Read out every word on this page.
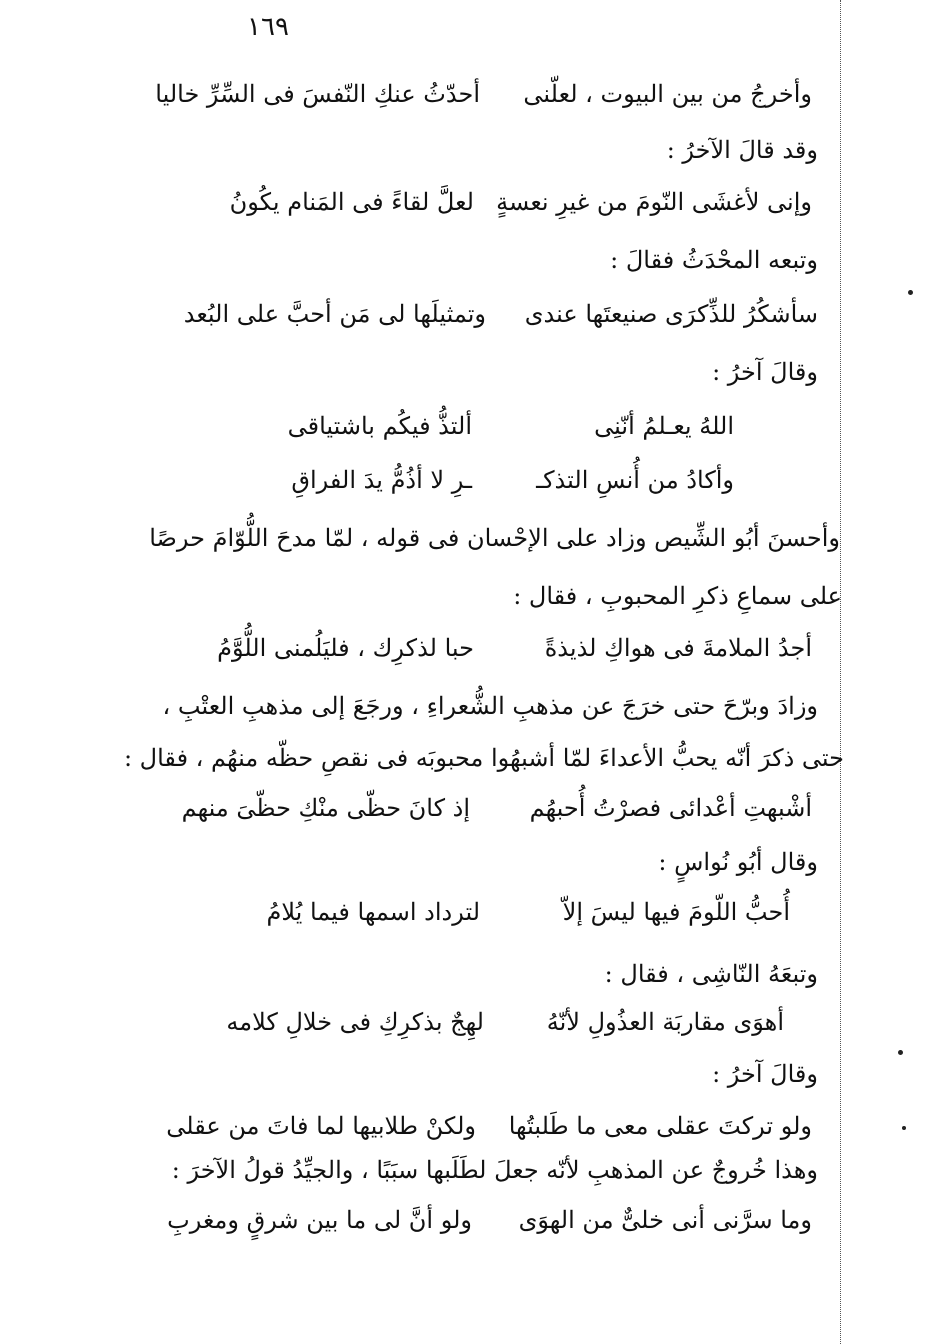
١٦٩
وأخرجُ من بين البيوت ، لعلّنى
أحدّثُ عنكِ النّفسَ فى السِّرِّ خاليا
وقد قالَ الآخرُ :
وإنى لأغشَى النّومَ من غيرِ نعسةٍ
لعلَّ لقاءً فى المَنام يكُونُ
وتبعه المحْدَثُ فقالَ :
سأشكُرُ للذِّكرَى صنيعتَها عندى
وتمثيلَها لى مَن أحبَّ على البُعد
وقالَ آخرُ :
اللهُ يعـلمُ أنّنِى
ألتذُّ فيكُم باشتياقى
وأكادُ من أُنسِ التذكـ
ـرِ لا أذُمُّ يدَ الفراقِ
وأحسنَ أبُو الشِّيص وزاد على الإحْسان فى قوله ، لمّا مدحَ اللُّوّامَ حرصًا
على سماعِ ذكرِ المحبوبِ ، فقال :
أجدُ الملامةَ فى هواكِ لذيذةً
حبا لذكرِك ، فليَلُمنى اللُّوَّمُ
وزادَ وبرّحَ حتى خرَجَ عن مذهبِ الشُّعراءِ ، ورجَعَ إلى مذهبِ العتْبِ ،
حتى ذكرَ أنّه يحبُّ الأعداءَ لمّا أشبهُوا محبوبَه فى نقصِ حظّه منهُم ، فقال :
أشْبهتِ أعْدائى فصرْتُ أُحبهُم
إذ كانَ حظّى منْكِ حظّىَ منهم
وقال أبُو نُواسٍ :
أُحبُّ اللّومَ فيها ليسَ إلاّ
لترداد اسمها فيما يُلامُ
وتبعَهُ النّاشِى ، فقال :
أهوَى مقاربَة العذُولِ لأنّهُ
لهِجٌ بذكرِكِ فى خلالِ كلامه
وقالَ آخرُ :
ولو تركتَ عقلى معى ما طَلبتُها
ولكنْ طلابيها لما فاتَ من عقلى
وهذا خُروجٌ عن المذهبِ لأنّه جعلَ لطَلَبها سبَبًا ، والجيِّدُ قولُ الآخرَ :
وما سرَّنى أنى خلىٌّ من الهوَى
ولو أنَّ لى ما بين شرقٍ ومغربِ
